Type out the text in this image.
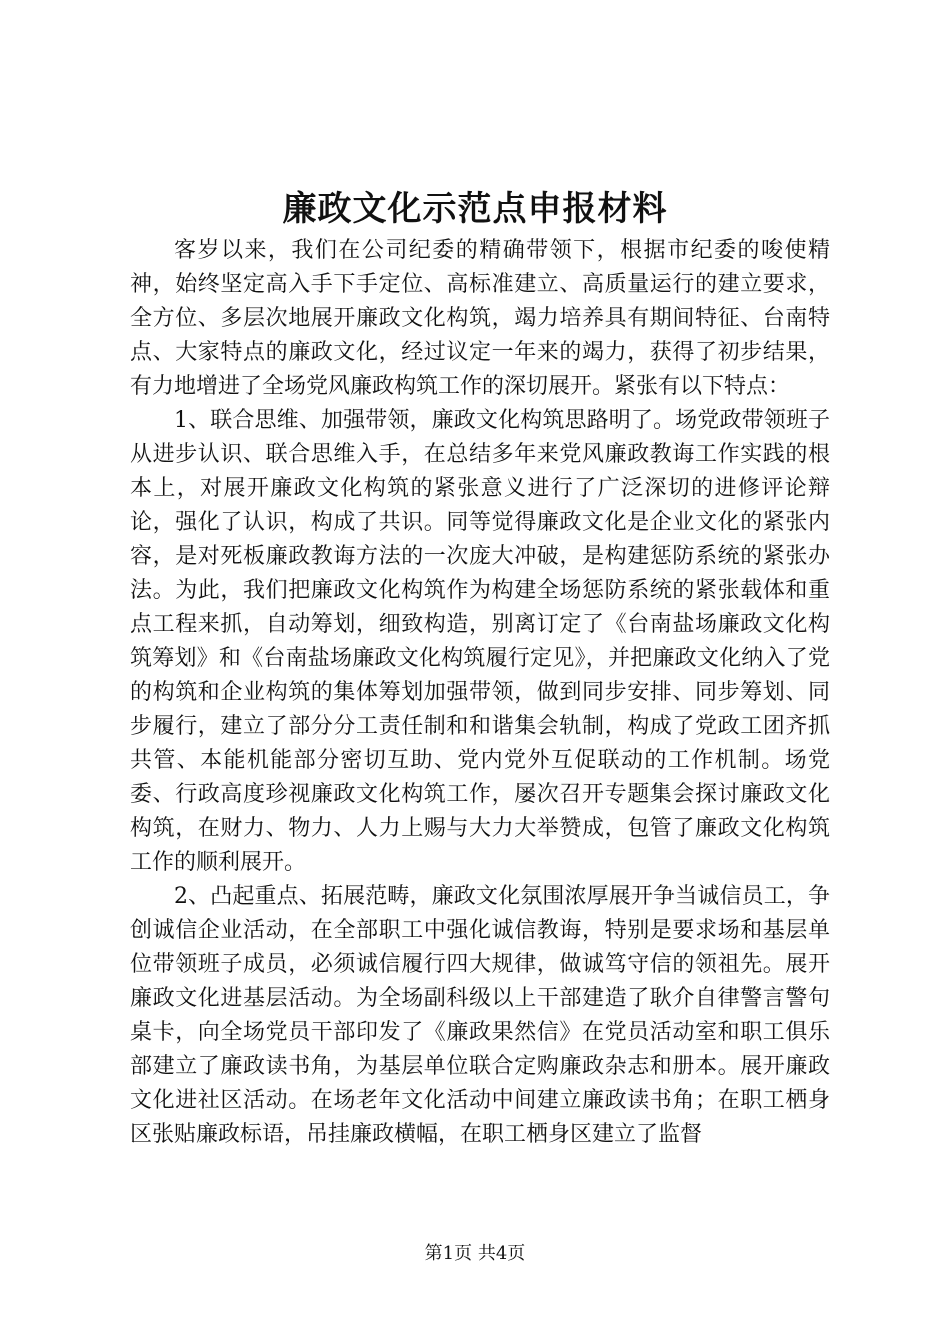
廉政文化示范点申报材料

客岁以来，我们在公司纪委的精确带领下，根据市纪委的唆使精神，始终坚定高入手下手定位、高标准建立、高质量运行的建立要求，全方位、多层次地展开廉政文化构筑，竭力培养具有期间特征、台南特点、大家特点的廉政文化，经过议定一年来的竭力，获得了初步结果，有力地增进了全场党风廉政构筑工作的深切展开。紧张有以下特点：

1、联合思维、加强带领，廉政文化构筑思路明了。场党政带领班子从进步认识、联合思维入手，在总结多年来党风廉政教诲工作实践的根本上，对展开廉政文化构筑的紧张意义进行了广泛深切的进修评论辩论，强化了认识，构成了共识。同等觉得廉政文化是企业文化的紧张内容，是对死板廉政教诲方法的一次庞大冲破，是构建惩防系统的紧张办法。为此，我们把廉政文化构筑作为构建全场惩防系统的紧张载体和重点工程来抓，自动筹划，细致构造，别离订定了《台南盐场廉政文化构筑筹划》和《台南盐场廉政文化构筑履行定见》，并把廉政文化纳入了党的构筑和企业构筑的集体筹划加强带领，做到同步安排、同步筹划、同步履行，建立了部分分工责任制和和谐集会轨制，构成了党政工团齐抓共管、本能机能部分密切互助、党内党外互促联动的工作机制。场党委、行政高度珍视廉政文化构筑工作，屡次召开专题集会探讨廉政文化构筑，在财力、物力、人力上赐与大力大举赞成，包管了廉政文化构筑工作的顺利展开。

2、凸起重点、拓展范畴，廉政文化氛围浓厚展开争当诚信员工，争创诚信企业活动，在全部职工中强化诚信教诲，特别是要求场和基层单位带领班子成员，必须诚信履行四大规律，做诚笃守信的领祖先。展开廉政文化进基层活动。为全场副科级以上干部建造了耿介自律警言警句桌卡，向全场党员干部印发了《廉政果然信》在党员活动室和职工俱乐部建立了廉政读书角，为基层单位联合定购廉政杂志和册本。展开廉政文化进社区活动。在场老年文化活动中间建立廉政读书角；在职工栖身区张贴廉政标语，吊挂廉政横幅，在职工栖身区建立了监督

第1页 共4页
